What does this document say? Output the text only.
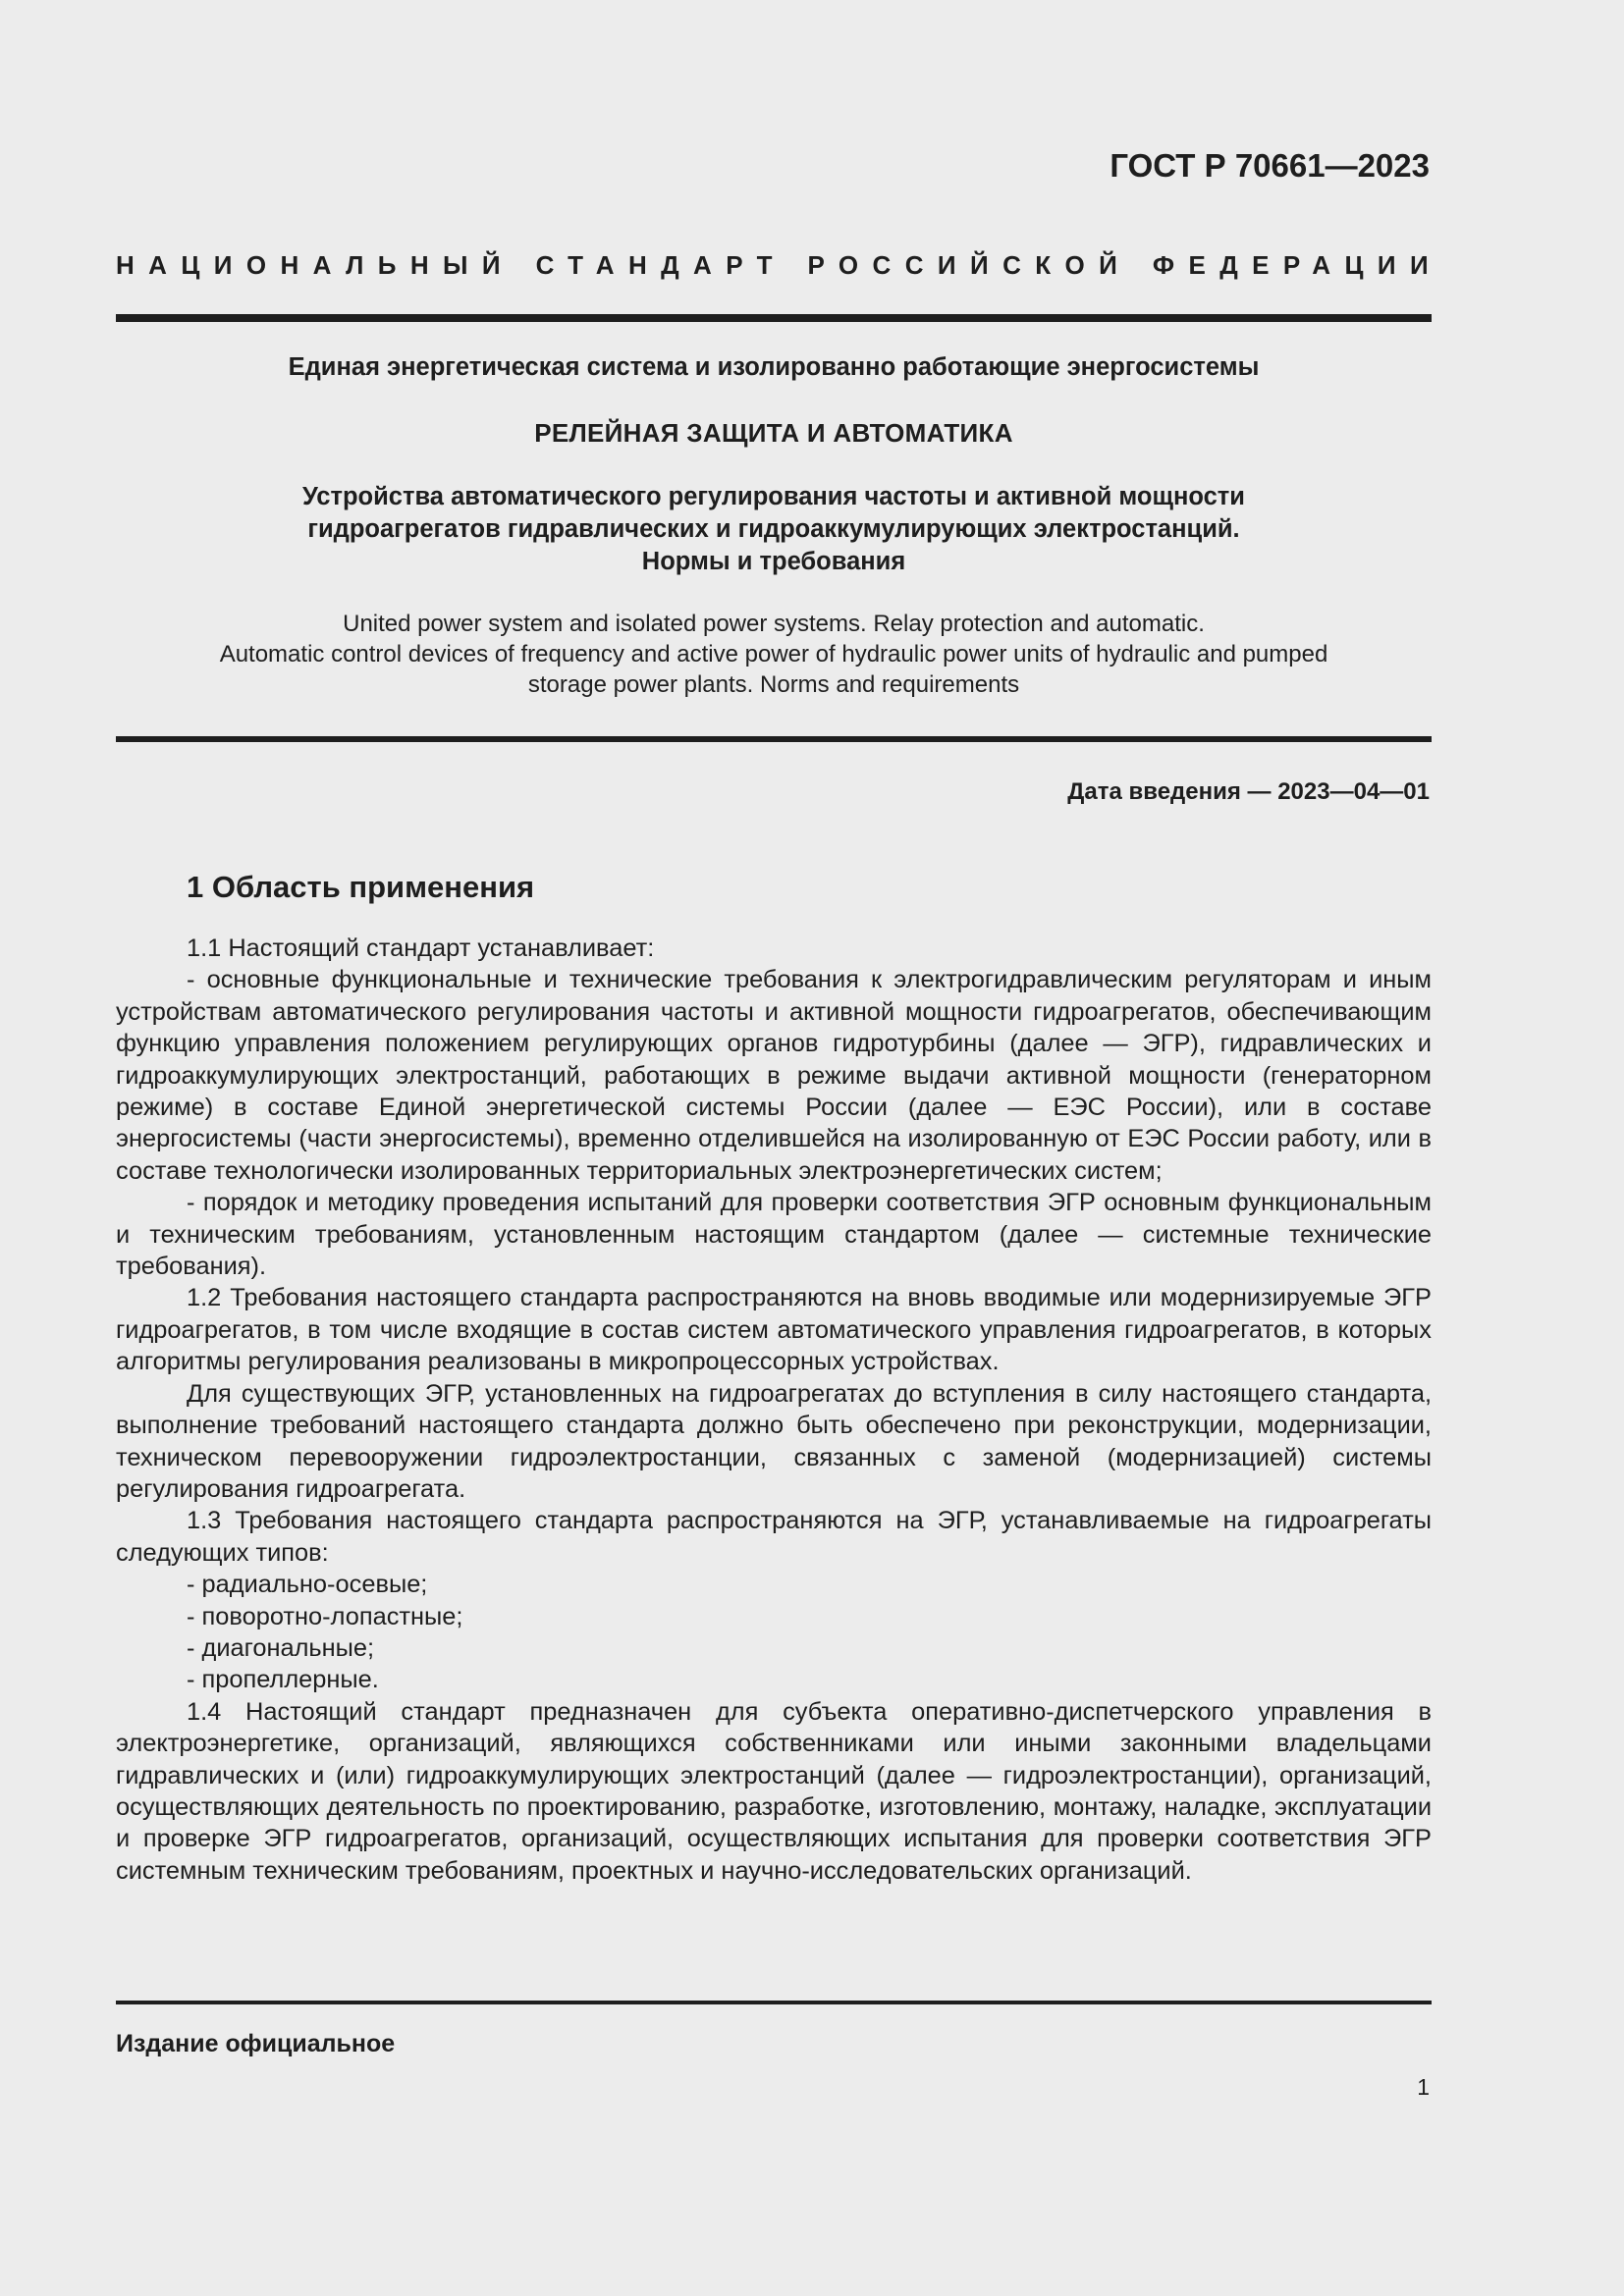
ГОСТ Р 70661—2023
НАЦИОНАЛЬНЫЙ СТАНДАРТ РОССИЙСКОЙ ФЕДЕРАЦИИ
Единая энергетическая система и изолированно работающие энергосистемы
РЕЛЕЙНАЯ ЗАЩИТА И АВТОМАТИКА
Устройства автоматического регулирования частоты и активной мощности
гидроагрегатов гидравлических и гидроаккумулирующих электростанций.
Нормы и требования
United power system and isolated power systems. Relay protection and automatic.
Automatic control devices of frequency and active power of hydraulic power units of hydraulic and pumped
storage power plants. Norms and requirements
Дата введения — 2023—04—01
1 Область применения

1.1 Настоящий стандарт устанавливает:

- основные функциональные и технические требования к электрогидравлическим регуляторам и иным устройствам автоматического регулирования частоты и активной мощности гидроагрегатов, обеспечивающим функцию управления положением регулирующих органов гидротурбины (далее — ЭГР), гидравлических и гидроаккумулирующих электростанций, работающих в режиме выдачи активной мощности (генераторном режиме) в составе Единой энергетической системы России (далее — ЕЭС России), или в составе энергосистемы (части энергосистемы), временно отделившейся на изолированную от ЕЭС России работу, или в составе технологически изолированных территориальных электроэнергетических систем;

- порядок и методику проведения испытаний для проверки соответствия ЭГР основным функциональным и техническим требованиям, установленным настоящим стандартом (далее — системные технические требования).

1.2 Требования настоящего стандарта распространяются на вновь вводимые или модернизируемые ЭГР гидроагрегатов, в том числе входящие в состав систем автоматического управления гидроагрегатов, в которых алгоритмы регулирования реализованы в микропроцессорных устройствах.

Для существующих ЭГР, установленных на гидроагрегатах до вступления в силу настоящего стандарта, выполнение требований настоящего стандарта должно быть обеспечено при реконструкции, модернизации, техническом перевооружении гидроэлектростанции, связанных с заменой (модернизацией) системы регулирования гидроагрегата.

1.3 Требования настоящего стандарта распространяются на ЭГР, устанавливаемые на гидроагрегаты следующих типов:

- радиально-осевые;

- поворотно-лопастные;

- диагональные;

- пропеллерные.

1.4 Настоящий стандарт предназначен для субъекта оперативно-диспетчерского управления в электроэнергетике, организаций, являющихся собственниками или иными законными владельцами гидравлических и (или) гидроаккумулирующих электростанций (далее — гидроэлектростанции), организаций, осуществляющих деятельность по проектированию, разработке, изготовлению, монтажу, наладке, эксплуатации и проверке ЭГР гидроагрегатов, организаций, осуществляющих испытания для проверки соответствия ЭГР системным техническим требованиям, проектных и научно-исследовательских организаций.

Издание официальное
1
